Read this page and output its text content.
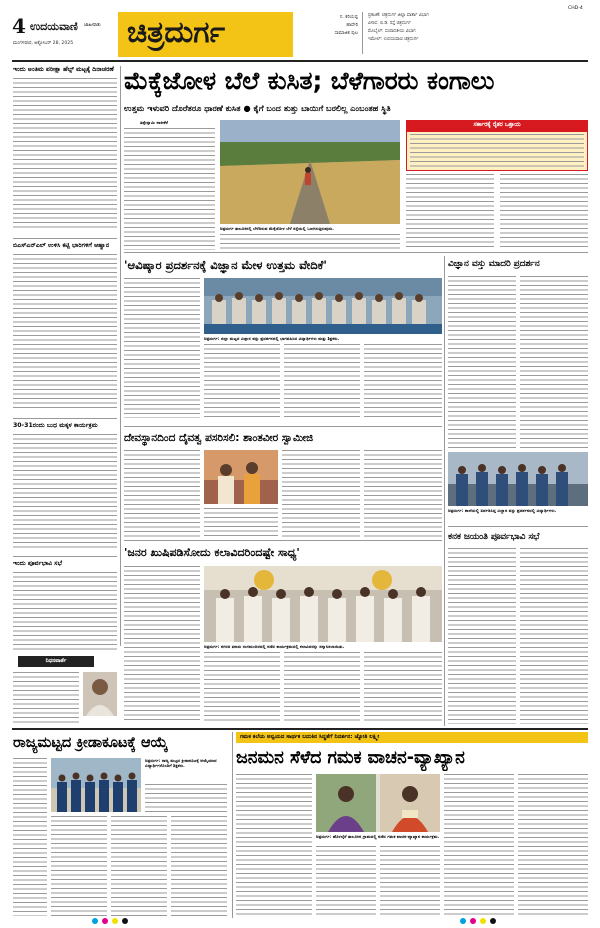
4 ಉದಯವಾಣಿ ಜಾಹೀರಾತು
ಮಂಗಳವಾರ, ಅಕ್ಟೋಬರ್ 28, 2025 ಚಿತ್ರದುರ್ಗ	ನ. ಕರಿಯಪ್ಪ
ಹಾವೇರಿ
ಸಾಮಾಜಿಕ ಪುಟ
ಪ್ರಕಟಣೆ: ಚಿತ್ರದುರ್ಗ ಜಿಲ್ಲಾ ವಾರ್ತಾ ವಿಭಾಗ
ವಿಳಾಸ: ಬಿ.ಡಿ. ರಸ್ತೆ ಚಿತ್ರದುರ್ಗ
ಮೊಬೈಲ್: ಸಂಪಾದಕೀಯ ವಿಭಾಗ
ಇಮೇಲ್: ಉದಯವಾಣಿ ಚಿತ್ರದುರ್ಗ
CHD-4
ಇಂದು ಅಂತಿಮ ಪರೀಕ್ಷಾ ಹೆಲ್ಪ್‌ ಮಟ್ಟಕ್ಕೆ ದಿನಾಚರಣೆ
ಬಿಎಸ್ಎನ್ಎಲ್ ಉಳಿಸಿ ಕಟ್ಟಿ ಭಾರಿಗಳಿಗೆ ಆಹ್ವಾನ
30-31ರಂದು ಬುಧ ಮಕ್ಕಳ ಕಾರ್ಯಕ್ರಮ
ಇಂದು ಪೂರ್ವಭಾವಿ ಸಭೆ
ನಿಧನವಾರ್ತೆ
ಮೆಕ್ಕೆಜೋಳ ಬೆಲೆ ಕುಸಿತ; ಬೆಳೆಗಾರರು ಕಂಗಾಲು
ಉತ್ತಮ ಇಳುವರಿ ದೊರೆತರೂ ಧಾರಣೆ ಕುಸಿತ ● ಕೈಗೆ ಬಂದ ತುತ್ತು ಬಾಯಿಗೆ ಬರಲಿಲ್ಲ ಎಂಬಂತಹ ಸ್ಥಿತಿ
ತಿಪ್ಪೇಸ್ವಾಮಿ ನಾಕೀಕೆರೆ
ಚಿತ್ರದುರ್ಗ ತಾಲೂಕಿನಲ್ಲಿ ಬೆಳೆದಿರುವ ಮೆಕ್ಕೆಜೋಳ ಬೆಳೆ ರಸ್ತೆಯಲ್ಲಿ ಒಣಗಿಸುತ್ತಿರುವುದು.
ಸರ್ಕಾರಕ್ಕೆ ರೈತರ ಒತ್ತಾಯ
'ಆವಿಷ್ಕಾರ ಪ್ರದರ್ಶನಕ್ಕೆ ವಿಜ್ಞಾನ ಮೇಳ ಉತ್ತಮ ವೇದಿಕೆ'
ಚಿತ್ರದುರ್ಗ: ಜಿಲ್ಲಾ ಮಟ್ಟದ ವಿಜ್ಞಾನ ವಸ್ತು ಪ್ರದರ್ಶನದಲ್ಲಿ ಭಾಗವಹಿಸಿದ ವಿದ್ಯಾರ್ಥಿಗಳು ಮತ್ತು ಶಿಕ್ಷಕರು.
ದೇವಸ್ಥಾನದಿಂದ ದೈವತ್ವ ಪಸರಿಸಲಿ: ಶಾಂತವೀರ ಸ್ವಾಮೀಜಿ
'ಜನರ ಖುಷಿಪಡಿಸೋದು ಕಲಾವಿದರಿಂದಷ್ಟೇ ಸಾಧ್ಯ'
ಚಿತ್ರದುರ್ಗ: ನಗರದ ತರಾಸು ರಂಗಮಂದಿರದಲ್ಲಿ ನಡೆದ ಕಾರ್ಯಕ್ರಮದಲ್ಲಿ ಕಲಾವಿದರನ್ನು ಸನ್ಮಾನಿಸಲಾಯಿತು.
ವಿಜ್ಞಾನ ವಸ್ತು ಮಾದರಿ ಪ್ರದರ್ಶನ
ಚಿತ್ರದುರ್ಗ: ಶಾಲೆಯಲ್ಲಿ ಏರ್ಪಡಿಸಿದ್ದ ವಿಜ್ಞಾನ ವಸ್ತು ಪ್ರದರ್ಶನದಲ್ಲಿ ವಿದ್ಯಾರ್ಥಿಗಳು.
ಕನಕ ಜಯಂತಿ ಪೂರ್ವಭಾವಿ ಸಭೆ
ರಾಜ್ಯಮಟ್ಟದ ಕ್ರೀಡಾಕೂಟಕ್ಕೆ ಆಯ್ಕೆ
ಚಿತ್ರದುರ್ಗ: ರಾಜ್ಯ ಮಟ್ಟದ ಕ್ರೀಡಾಕೂಟಕ್ಕೆ ಆಯ್ಕೆಯಾದ ವಿದ್ಯಾರ್ಥಿಗಳೊಂದಿಗೆ ಶಿಕ್ಷಕರು.
ಗಮಕ ಕಲೆಯ ಅನ್ವಯದ ಸಾರ್ಥಕ ಬದುಕಿನ ಸಿದ್ಧತೆಗೆ ನಿದರ್ಶನ: ಜ್ಯೋತಿ ಲಕ್ಷ್ಮೀ
ಜನಮನ ಸೆಳೆದ ಗಮಕ ವಾಚನ-ವ್ಯಾಖ್ಯಾನ
ಚಿತ್ರದುರ್ಗ: ಹೊಳಲ್ಕೆರೆ ತಾಲೂಕಿನ ಗ್ರಾಮದಲ್ಲಿ ನಡೆದ ಗಮಕ ವಾಚನ-ವ್ಯಾಖ್ಯಾನ ಕಾರ್ಯಕ್ರಮ.
